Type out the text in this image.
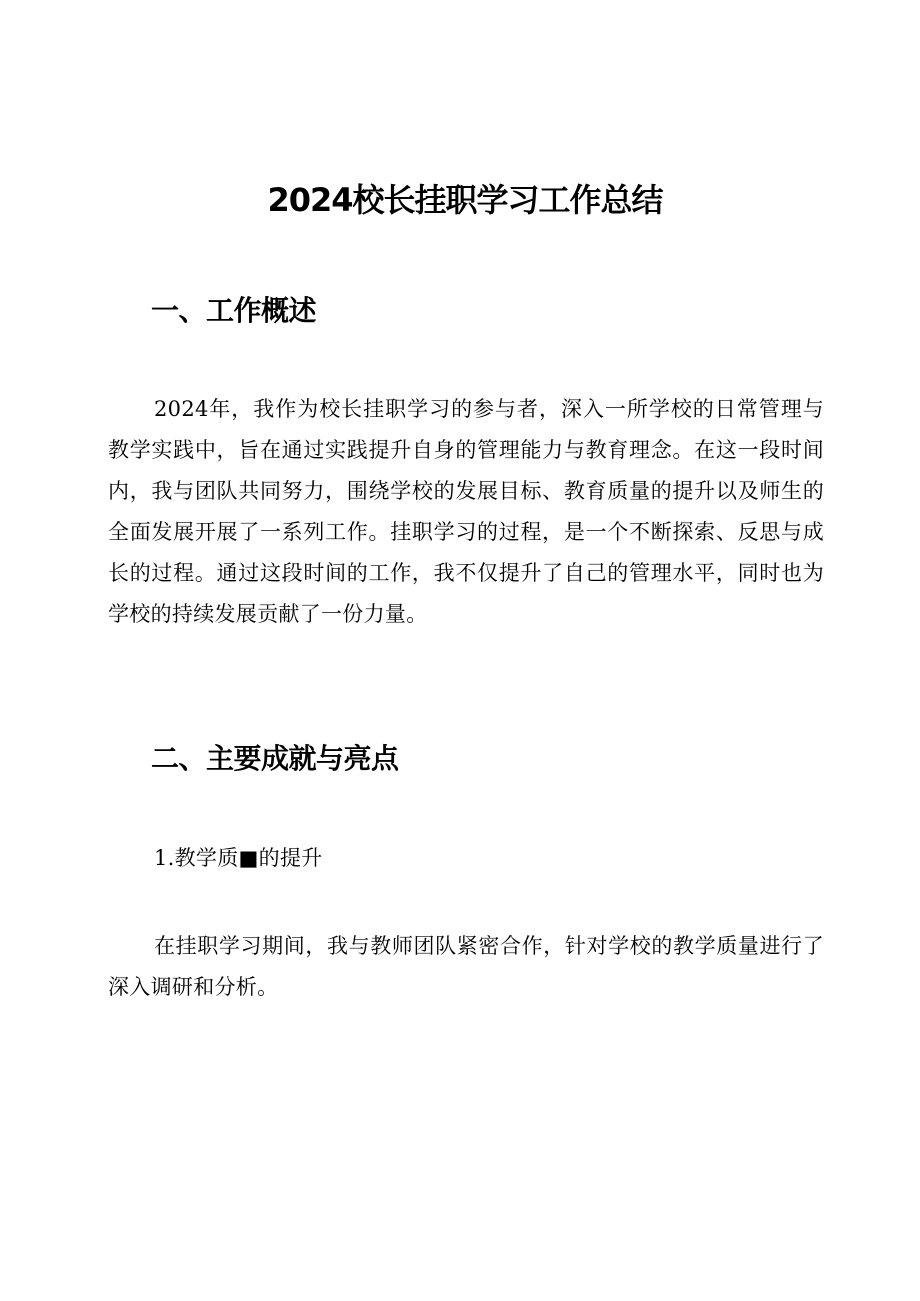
2024校长挂职学习工作总结
一、工作概述

2024年，我作为校长挂职学习的参与者，深入一所学校的日常管理与教学实践中，旨在通过实践提升自身的管理能力与教育理念。在这一段时间内，我与团队共同努力，围绕学校的发展目标、教育质量的提升以及师生的全面发展开展了一系列工作。挂职学习的过程，是一个不断探索、反思与成长的过程。通过这段时间的工作，我不仅提升了自己的管理水平，同时也为学校的持续发展贡献了一份力量。

二、主要成就与亮点
1.教学质■的提升

在挂职学习期间，我与教师团队紧密合作，针对学校的教学质量进行了深入调研和分析。
